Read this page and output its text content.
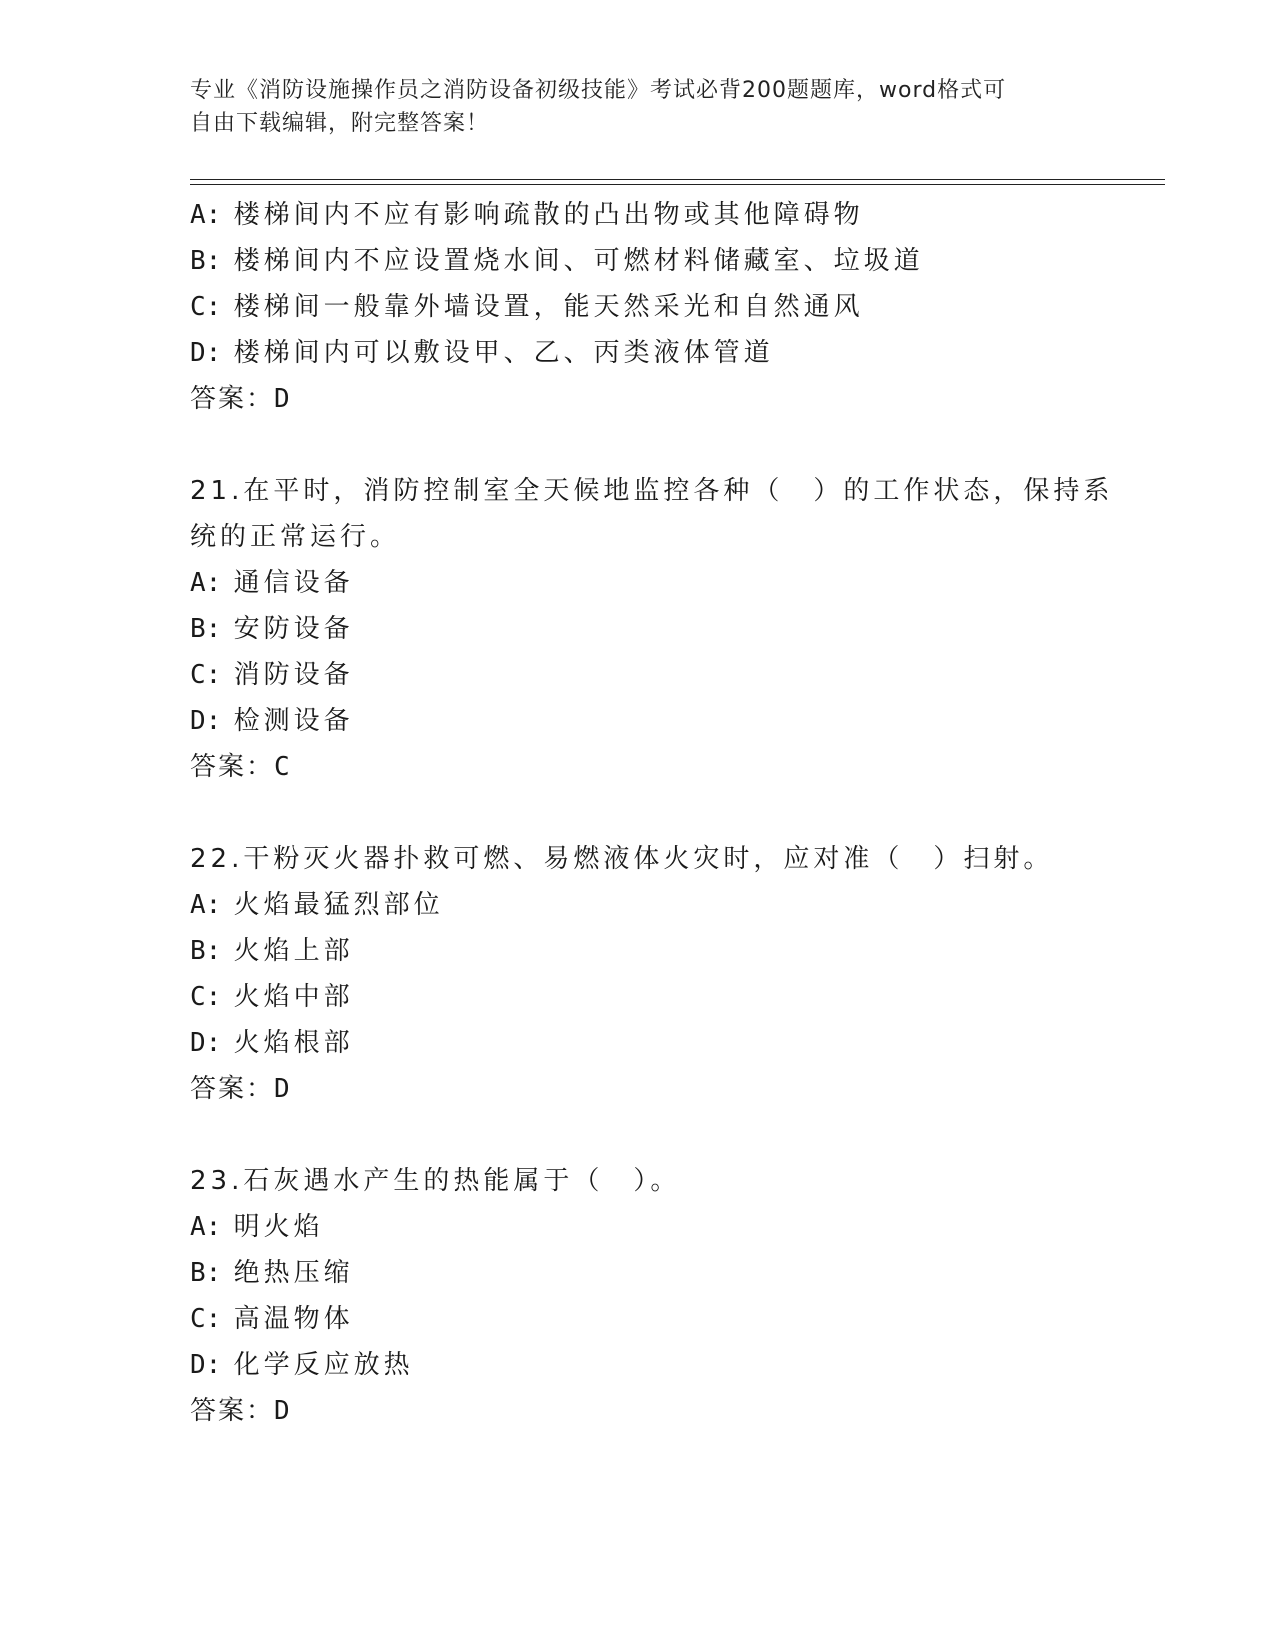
专业《消防设施操作员之消防设备初级技能》考试必背200题题库，word格式可
自由下载编辑，附完整答案！
A: 楼梯间内不应有影响疏散的凸出物或其他障碍物
B: 楼梯间内不应设置烧水间、可燃材料储藏室、垃圾道
C: 楼梯间一般靠外墙设置，能天然采光和自然通风
D: 楼梯间内可以敷设甲、乙、丙类液体管道
答案：D
21.在平时，消防控制室全天候地监控各种（　）的工作状态，保持系
统的正常运行。
A: 通信设备
B: 安防设备
C: 消防设备
D: 检测设备
答案：C
22.干粉灭火器扑救可燃、易燃液体火灾时，应对准（　）扫射。
A: 火焰最猛烈部位
B: 火焰上部
C: 火焰中部
D: 火焰根部
答案：D
23.石灰遇水产生的热能属于（　）。
A: 明火焰
B: 绝热压缩
C: 高温物体
D: 化学反应放热
答案：D
